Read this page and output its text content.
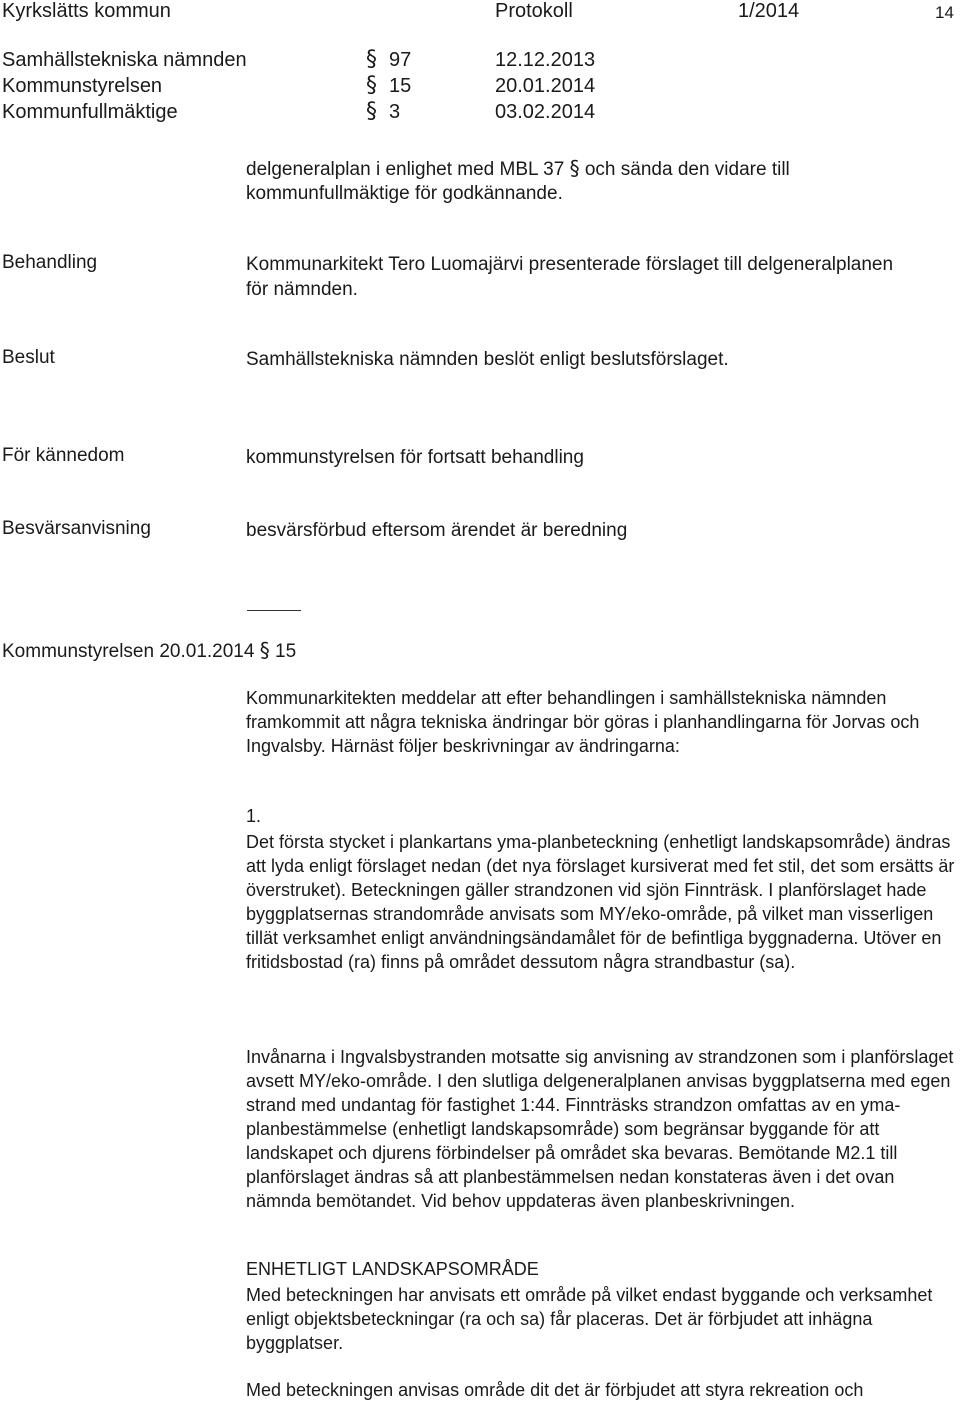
Kyrkslätts kommun	Protokoll	1/2014	14
Samhällstekniska nämnden	§ 97	12.12.2013
Kommunstyrelsen	§ 15	20.01.2014
Kommunfullmäktige	§ 3	03.02.2014
delgeneralplan i enlighet med MBL 37 § och sända den vidare till
kommunfullmäktige för godkännande.
Behandling	Kommunarkitekt Tero Luomajärvi presenterade förslaget till delgeneralplanen
för nämnden.
Beslut	Samhällstekniska nämnden beslöt enligt beslutsförslaget.
För kännedom	kommunstyrelsen för fortsatt behandling
Besvärsanvisning	besvärsförbud eftersom ärendet är beredning
Kommunstyrelsen 20.01.2014 § 15

Kommunarkitekten meddelar att efter behandlingen i samhällstekniska nämnden framkommit att några tekniska ändringar bör göras i planhandlingarna för Jorvas och Ingvalsby. Härnäst följer beskrivningar av ändringarna:

1.

Det första stycket i plankartans yma-planbeteckning (enhetligt landskapsområde) ändras att lyda enligt förslaget nedan (det nya förslaget kursiverat med fet stil, det som ersätts är överstruket). Beteckningen gäller strandzonen vid sjön Finnträsk. I planförslaget hade byggplatsernas strandområde anvisats som MY/eko-område, på vilket man visserligen tillät verksamhet enligt användningsändamålet för de befintliga byggnaderna. Utöver en fritidsbostad (ra) finns på området dessutom några strandbastur (sa).

Invånarna i Ingvalsbystranden motsatte sig anvisning av strandzonen som i planförslaget avsett MY/eko-område. I den slutliga delgeneralplanen anvisas byggplatserna med egen strand med undantag för fastighet 1:44. Finnträsks strandzon omfattas av en yma-planbestämmelse (enhetligt landskapsområde) som begränsar byggande för att landskapet och djurens förbindelser på området ska bevaras. Bemötande M2.1 till planförslaget ändras så att planbestämmelsen nedan konstateras även i det ovan nämnda bemötandet. Vid behov uppdateras även planbeskrivningen.

ENHETLIGT LANDSKAPSOMRÅDE

Med beteckningen har anvisats ett område på vilket endast byggande och verksamhet enligt objektsbeteckningar (ra och sa) får placeras. Det är förbjudet att inhägna byggplatser.

Med beteckningen anvisas område dit det är förbjudet att styra rekreation och
